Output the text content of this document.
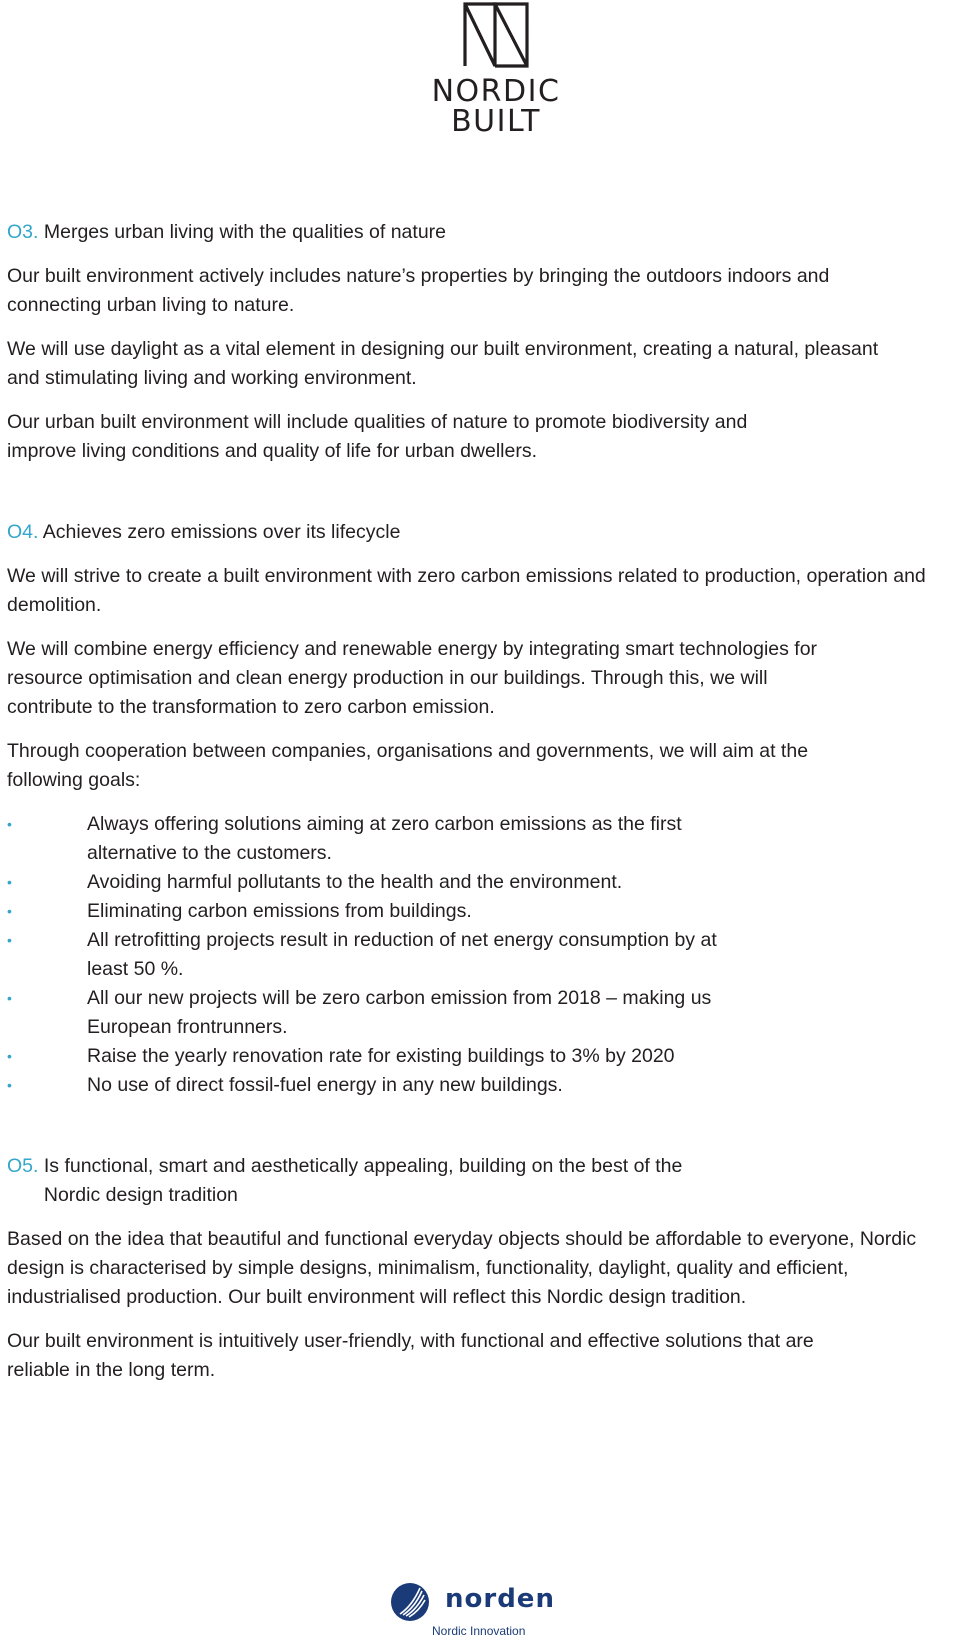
NORDIC
BUILT
O3. Merges urban living with the qualities of nature

Our built environment actively includes nature’s properties by bringing the outdoors indoors and connecting urban living to nature.

We will use daylight as a vital element in designing our built environment, creating a natural, pleasant and stimulating living and working environment.

Our urban built environment will include qualities of nature to promote biodiversity and improve living conditions and quality of life for urban dwellers.

O4. Achieves zero emissions over its lifecycle

We will strive to create a built environment with zero carbon emissions related to production, operation and demolition.

We will combine energy efficiency and renewable energy by integrating smart technologies for resource optimisation and clean energy production in our buildings. Through this, we will contribute to the transformation to zero carbon emission.

Through cooperation between companies, organisations and governments, we will aim at the following goals:

•	Always offering solutions aiming at zero carbon emissions as the first alternative to the customers.
•	Avoiding harmful pollutants to the health and the environment.
•	Eliminating carbon emissions from buildings.
•	All retrofitting projects result in reduction of net energy consumption by at least 50 %.
•	All our new projects will be zero carbon emission from 2018 – making us European frontrunners.
•	Raise the yearly renovation rate for existing buildings to 3% by 2020
•	No use of direct fossil-fuel energy in any new buildings.
O5. Is functional, smart and aesthetically appealing, building on the best of the
Nordic design tradition

Based on the idea that beautiful and functional everyday objects should be affordable to everyone, Nordic design is characterised by simple designs, minimalism, functionality, daylight, quality and efficient, industrialised production. Our built environment will reflect this Nordic design tradition.

Our built environment is intuitively user-friendly, with functional and effective solutions that are reliable in the long term.

norden
Nordic Innovation
